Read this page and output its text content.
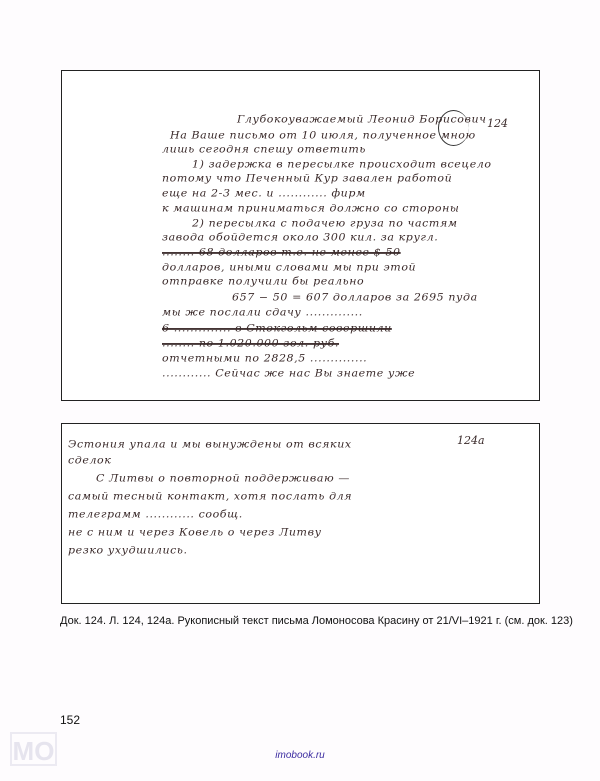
124
Глубокоуважаемый Леонид Борисович
На Ваше письмо от 10 июля, полученное мною
лишь сегодня спешу ответить
1) задержка в пересылке происходит всецело
потому что Печенный Кур завален работой
еще на 2-3 мес. и ............ фирм
к машинам приниматься должно со стороны
2) пересылка с подачею груза по частям
завода обойдется около 300 кил. за кругл.
........ 68 долларов т.е. не менее $ 50
долларов, иными словами мы при этой
отправке получили бы реально
657 − 50 = 607 долларов за 2695 пуда
мы же послали сдачу ..............
6 .............. в Стокгольм совершили
........ по 1.020.000 зол. руб.
отчетными по 2828,5 ..............
............ Сейчас же нас Вы знаете уже
124а
Эстония упала и мы вынуждены от всяких
сделок
С Литвы о повторной поддерживаю —
самый тесный контакт, хотя послать для
телеграмм ............ сообщ.
не с ним и через Ковель о через Литву
резко ухудшились.
Док. 124. Л. 124, 124а. Рукописный текст письма Ломоносова Красину от 21/VI–1921 г. (см. док. 123)
152
МО	imobook.ru
